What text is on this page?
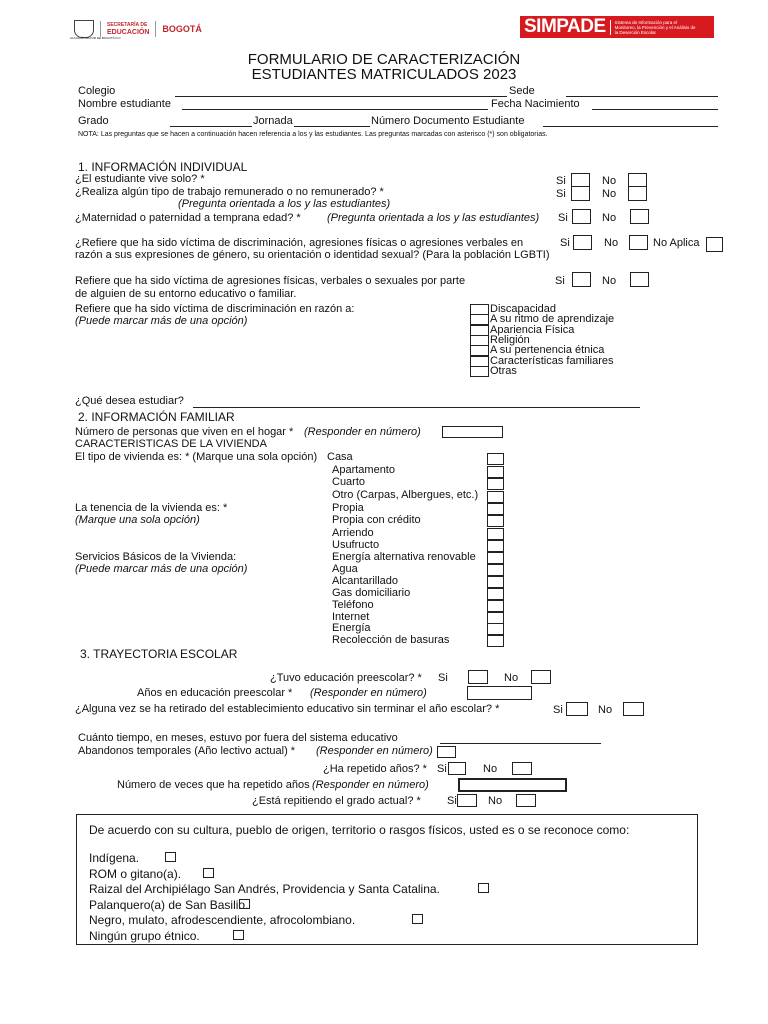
SECRETARÍA DE
EDUCACIÓN BOGOTÁ
ALCALDÍA MAYOR DE BOGOTÁ D.C.
SIMPADE	Sistema de Información para el Monitoreo, la Prevención y el Análisis de la Deserción Escolar
FORMULARIO DE CARACTERIZACIÓN
ESTUDIANTES MATRICULADOS 2023
Colegio	Sede
Nombre estudiante	Fecha Nacimiento
Grado	Jornada	Número Documento Estudiante
NOTA: Las preguntas que se hacen a continuación hacen referencia a los y las estudiantes. Las preguntas marcadas con asterisco (*) son obligatorias.
1. INFORMACIÓN INDIVIDUAL
¿El estudiante vive solo? *	Si	No
¿Realiza algún tipo de trabajo remunerado o no remunerado? *	Si	No
(Pregunta orientada a los y las estudiantes)
¿Maternidad o paternidad a temprana edad? * (Pregunta orientada a los y las estudiantes) Si	No
¿Refiere que ha sido víctima de discriminación, agresiones físicas o agresiones verbales en
razón a sus expresiones de género, su orientación o identidad sexual? (Para la población LGBTI)
Si	No	No Aplica
Refiere que ha sido víctima de agresiones físicas, verbales o sexuales por parte
de alguien de su entorno educativo o familiar.
Si	No
Refiere que ha sido víctima de discriminación en razón a:
(Puede marcar más de una opción)
Discapacidad
A su ritmo de aprendizaje
Apariencia Física
Religión
A su pertenencia étnica
Características familiares
Otras
¿Qué desea estudiar?
2. INFORMACIÓN FAMILIAR
Número de personas que viven en el hogar * (Responder en número)
CARACTERISTICAS DE LA VIVIENDA
El tipo de vivienda es: * (Marque una sola opción) Casa
Apartamento
Cuarto
Otro (Carpas, Albergues, etc.)
La tenencia de la vivienda es: *
(Marque una sola opción)
Propia
Propia con crédito
Arriendo
Usufructo
Servicios Básicos de la Vivienda:
(Puede marcar más de una opción)
Energía alternativa renovable
Agua
Alcantarillado
Gas domiciliario
Teléfono
Internet
Energía
Recolección de basuras
3. TRAYECTORIA ESCOLAR
¿Tuvo educación preescolar? * Si	No
Años en educación preescolar * (Responder en número)
¿Alguna vez se ha retirado del establecimiento educativo sin terminar el año escolar? *	Si	No
Cuánto tiempo, en meses, estuvo por fuera del sistema educativo
Abandonos temporales (Año lectivo actual) * (Responder en número)
¿Ha repetido años? * Si	No
Número de veces que ha repetido años (Responder en número)
¿Está repitiendo el grado actual? * Si	No
De acuerdo con su cultura, pueblo de origen, territorio o rasgos físicos, usted es o se reconoce como:
Indígena.
ROM o gitano(a).
Raizal del Archipiélago San Andrés, Providencia y Santa Catalina.
Palanquero(a) de San Basilio.
Negro, mulato, afrodescendiente, afrocolombiano.
Ningún grupo étnico.
